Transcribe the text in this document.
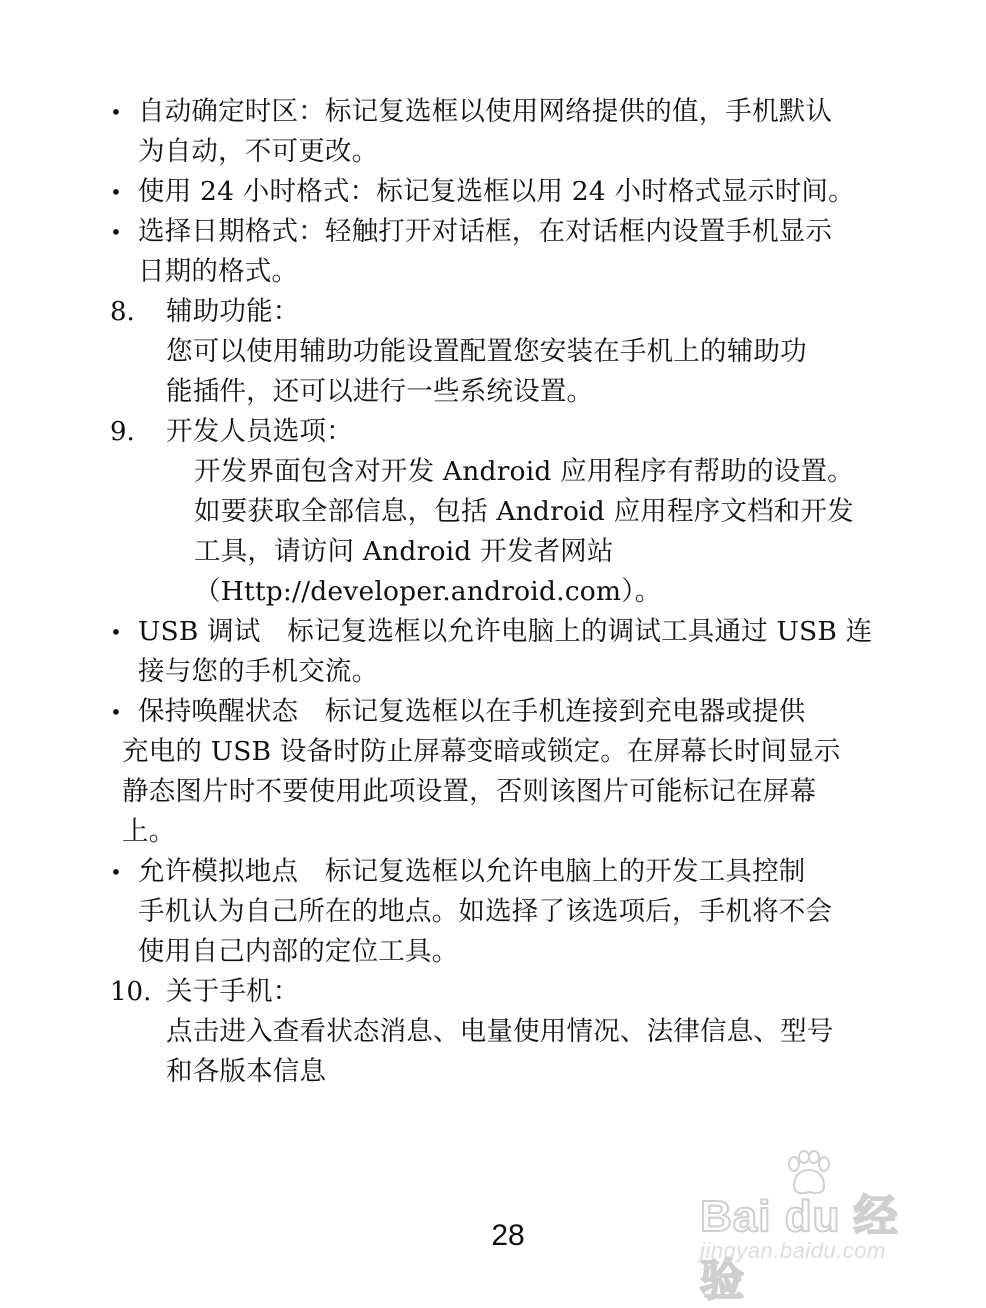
• 自动确定时区：标记复选框以使用网络提供的值，手机默认
为自动，不可更改。
• 使用 24 小时格式：标记复选框以用 24 小时格式显示时间。
• 选择日期格式：轻触打开对话框，在对话框内设置手机显示
日期的格式。
8. 辅助功能：
您可以使用辅助功能设置配置您安装在手机上的辅助功
能插件，还可以进行一些系统设置。
9. 开发人员选项：
开发界面包含对开发 Android 应用程序有帮助的设置。
如要获取全部信息，包括 Android 应用程序文档和开发
工具，请访问 Android 开发者网站
（Http://developer.android.com）。
• USB 调试　标记复选框以允许电脑上的调试工具通过 USB 连
接与您的手机交流。
• 保持唤醒状态　标记复选框以在手机连接到充电器或提供
充电的 USB 设备时防止屏幕变暗或锁定。在屏幕长时间显示
静态图片时不要使用此项设置，否则该图片可能标记在屏幕
上。
• 允许模拟地点　标记复选框以允许电脑上的开发工具控制
手机认为自己所在的地点。如选择了该选项后，手机将不会
使用自己内部的定位工具。
10. 关于手机：
点击进入查看状态消息、电量使用情况、法律信息、型号
和各版本信息
28	Bai du 经验
jingyan.baidu.com
